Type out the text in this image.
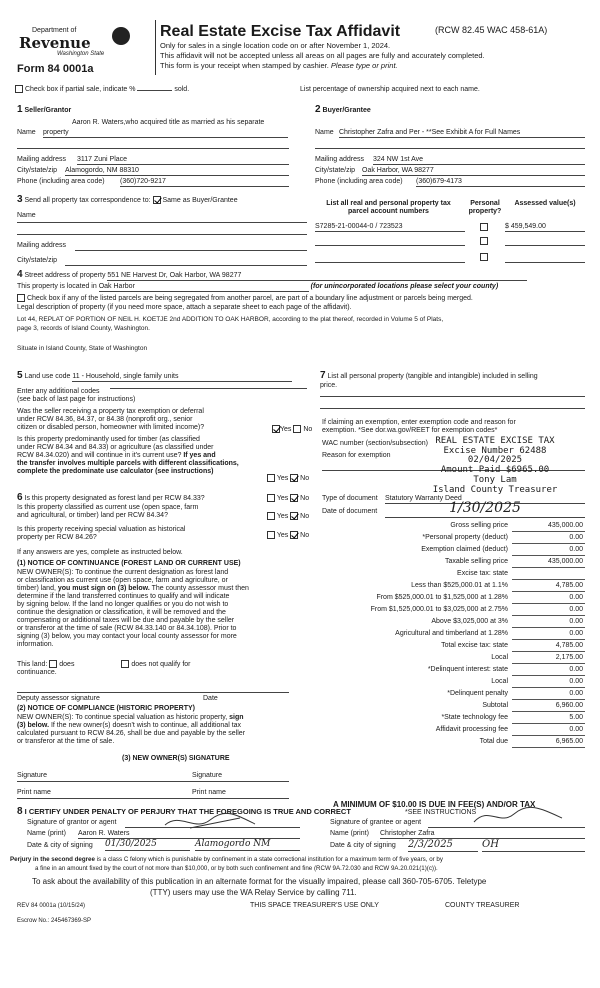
Department of
Revenue
Washington State
Form 84 0001a
Real Estate Excise Tax Affidavit	(RCW 82.45 WAC 458-61A)
Only for sales in a single location code on or after November 1, 2024.
This affidavit will not be accepted unless all areas on all pages are fully and accurately completed.
This form is your receipt when stamped by cashier. Please type or print.
Check box if partial sale, indicate %	sold.	List percentage of ownership acquired next to each name.
1 Seller/Grantor
Aaron R. Waters,who acquired title as married as his separate
Name property
Mailing address 3117 Zuni Place
City/state/zip Alamogordo, NM 88310
Phone (including area code) (360)720-9217
2 Buyer/Grantee
Name Christopher Zafra and Per - **See Exhibit A for Full Names
Mailing address 324 NW 1st Ave
City/state/zip Oak Harbor, WA 98277
Phone (including area code) (360)679-4173
3 Send all property tax correspondence to: Same as Buyer/Grantee
Name
Mailing address
City/state/zip
List all real and personal property tax parcel account numbers
Personal property?
Assessed value(s)
S7285-21-00044-0 / 723523	$ 459,549.00
4 Street address of property 551 NE Harvest Dr, Oak Harbor, WA 98277
This property is located in Oak Harbor	(for unincorporated locations please select your county)
Check box if any of the listed parcels are being segregated from another parcel, are part of a boundary line adjustment or parcels being merged.
Legal description of property (if you need more space, attach a separate sheet to each page of the affidavit).
Lot 44, REPLAT OF PORTION OF NEIL H. KOETJE 2nd ADDITION TO OAK HARBOR, according to the plat thereof, recorded in Volume 5 of Plats,
page 3, records of Island County, Washington.
Situate in Island County, State of Washington
5 Land use code 11 - Household, single family units
Enter any additional codes
(see back of last page for instructions)
Was the seller receiving a property tax exemption or deferral
under RCW 84.36, 84.37, or 84.38 (nonprofit org., senior
citizen or disabled person, homeowner with limited income)?	Yes No
Is this property predominantly used for timber (as classified
under RCW 84.34 and 84.33) or agriculture (as classified under
RCW 84.34.020) and will continue in it's current use? If yes and
the transfer involves multiple parcels with different classifications,
complete the predominate use calculator (see instructions)
Yes No
6 Is this property designated as forest land per RCW 84.33?	Yes No
Is this property classified as current use (open space, farm
and agricultural, or timber) land per RCW 84.34?	Yes No
Is this property receiving special valuation as historical
property per RCW 84.26?	Yes No
If any answers are yes, complete as instructed below.
(1) NOTICE OF CONTINUANCE (FOREST LAND OR CURRENT USE)
NEW OWNER(S): To continue the current designation as forest land
or classification as current use (open space, farm and agriculture, or
timber) land, you must sign on (3) below. The county assessor must then
determine if the land transferred continues to qualify and will indicate
by signing below. If the land no longer qualifies or you do not wish to
continue the designation or classification, it will be removed and the
compensating or additional taxes will be due and payable by the seller
or transferor at the time of sale (RCW 84.33.140 or 84.34.108). Prior to
signing (3) below, you may contact your local county assessor for more
information.
This land: does	does not qualify for
continuance.
Deputy assessor signature	Date
(2) NOTICE OF COMPLIANCE (HISTORIC PROPERTY)
NEW OWNER(S): To continue special valuation as historic property, sign
(3) below. If the new owner(s) doesn't wish to continue, all additional tax
calculated pursuant to RCW 84.26, shall be due and payable by the seller
or transferor at the time of sale.
(3) NEW OWNER(S) SIGNATURE
Signature	Signature
Print name	Print name
7 List all personal property (tangible and intangible) included in selling
price.
If claiming an exemption, enter exemption code and reason for
exemption. *See dor.wa.gov/REET for exemption codes*
WAC number (section/subsection)
Reason for exemption
REAL ESTATE EXCISE TAX
Excise Number 62488
02/04/2025
Amount Paid $6965.00
Tony Lam
Island County Treasurer
Type of document Statutory Warranty Deed
Date of document	1/30/2025
Gross selling price	435,000.00
*Personal property (deduct)	0.00
Exemption claimed (deduct)	0.00
Taxable selling price	435,000.00
Excise tax: state
Less than $525,000.01 at 1.1%	4,785.00
From $525,000.01 to $1,525,000 at 1.28%	0.00
From $1,525,000.01 to $3,025,000 at 2.75%	0.00
Above $3,025,000 at 3%	0.00
Agricultural and timberland at 1.28%	0.00
Total excise tax: state	4,785.00
Local	2,175.00
*Delinquent interest: state	0.00
Local	0.00
*Delinquent penalty	0.00
Subtotal	6,960.00
*State technology fee	5.00
Affidavit processing fee	0.00
Total due	6,965.00
A MINIMUM OF $10.00 IS DUE IN FEE(S) AND/OR TAX
*SEE INSTRUCTIONS
8 I CERTIFY UNDER PENALTY OF PERJURY THAT THE FOREGOING IS TRUE AND CORRECT
Signature of grantor or agent
Name (print) Aaron R. Waters
Date & city of signing 01/30/2025	Alamogordo NM
Signature of grantee or agent
Name (print) Christopher Zafra
Date & city of signing 2/3/2025	OH
Perjury in the second degree is a class C felony which is punishable by confinement in a state correctional institution for a maximum term of five years, or by
a fine in an amount fixed by the court of not more than $10,000, or by both such confinement and fine (RCW 9A.72.030 and RCW 9A.20.021(1)(c)).
To ask about the availability of this publication in an alternate format for the visually impaired, please call 360-705-6705. Teletype
(TTY) users may use the WA Relay Service by calling 711.
REV 84 0001a (10/15/24)	THIS SPACE TREASURER'S USE ONLY	COUNTY TREASURER
Escrow No.: 245467369-SP
